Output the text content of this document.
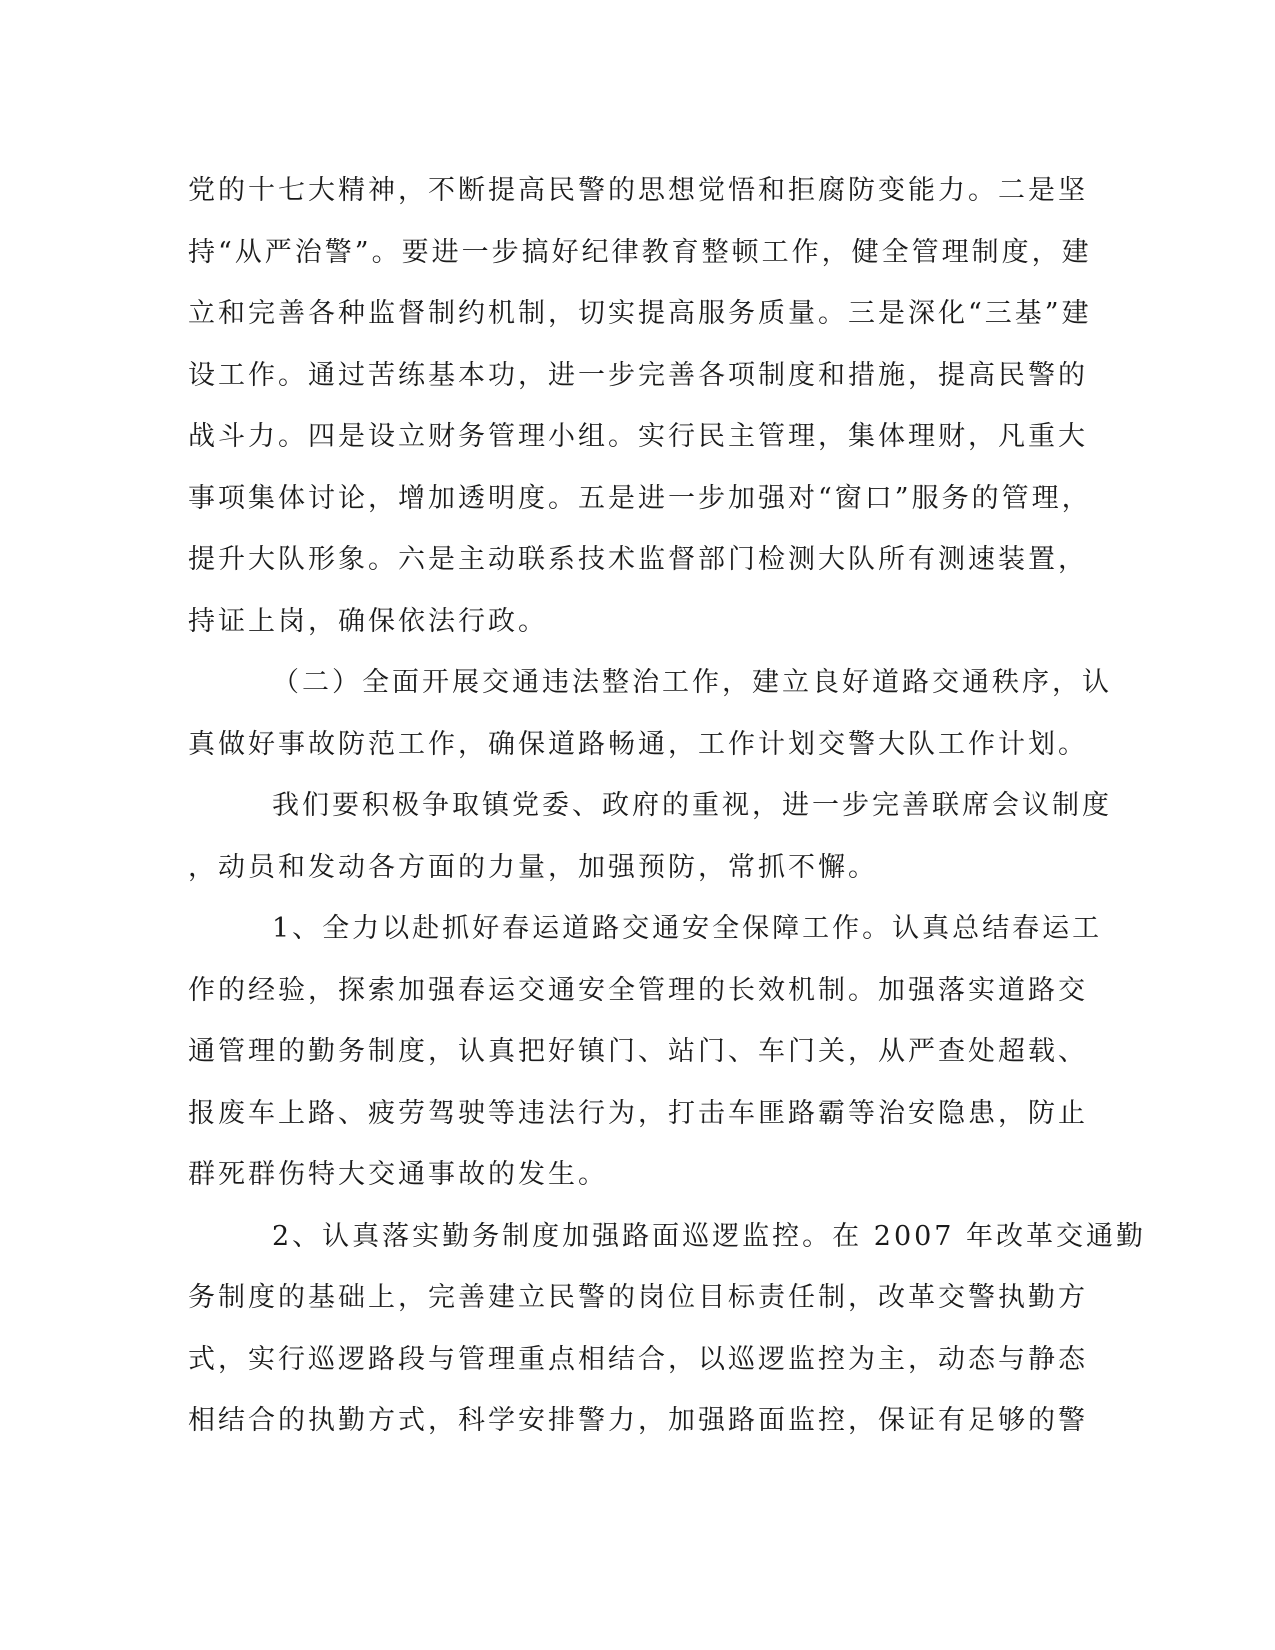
党的十七大精神，不断提高民警的思想觉悟和拒腐防变能力。二是坚
持“从严治警”。要进一步搞好纪律教育整顿工作，健全管理制度，建
立和完善各种监督制约机制，切实提高服务质量。三是深化“三基”建
设工作。通过苦练基本功，进一步完善各项制度和措施，提高民警的
战斗力。四是设立财务管理小组。实行民主管理，集体理财，凡重大
事项集体讨论，增加透明度。五是进一步加强对“窗口”服务的管理，
提升大队形象。六是主动联系技术监督部门检测大队所有测速装置，
持证上岗，确保依法行政。
（二）全面开展交通违法整治工作，建立良好道路交通秩序，认
真做好事故防范工作，确保道路畅通，工作计划交警大队工作计划。
我们要积极争取镇党委、政府的重视，进一步完善联席会议制度
，动员和发动各方面的力量，加强预防，常抓不懈。
1、全力以赴抓好春运道路交通安全保障工作。认真总结春运工
作的经验，探索加强春运交通安全管理的长效机制。加强落实道路交
通管理的勤务制度，认真把好镇门、站门、车门关，从严查处超载、
报废车上路、疲劳驾驶等违法行为，打击车匪路霸等治安隐患，防止
群死群伤特大交通事故的发生。
2、认真落实勤务制度加强路面巡逻监控。在 2007 年改革交通勤
务制度的基础上，完善建立民警的岗位目标责任制，改革交警执勤方
式，实行巡逻路段与管理重点相结合，以巡逻监控为主，动态与静态
相结合的执勤方式，科学安排警力，加强路面监控，保证有足够的警
